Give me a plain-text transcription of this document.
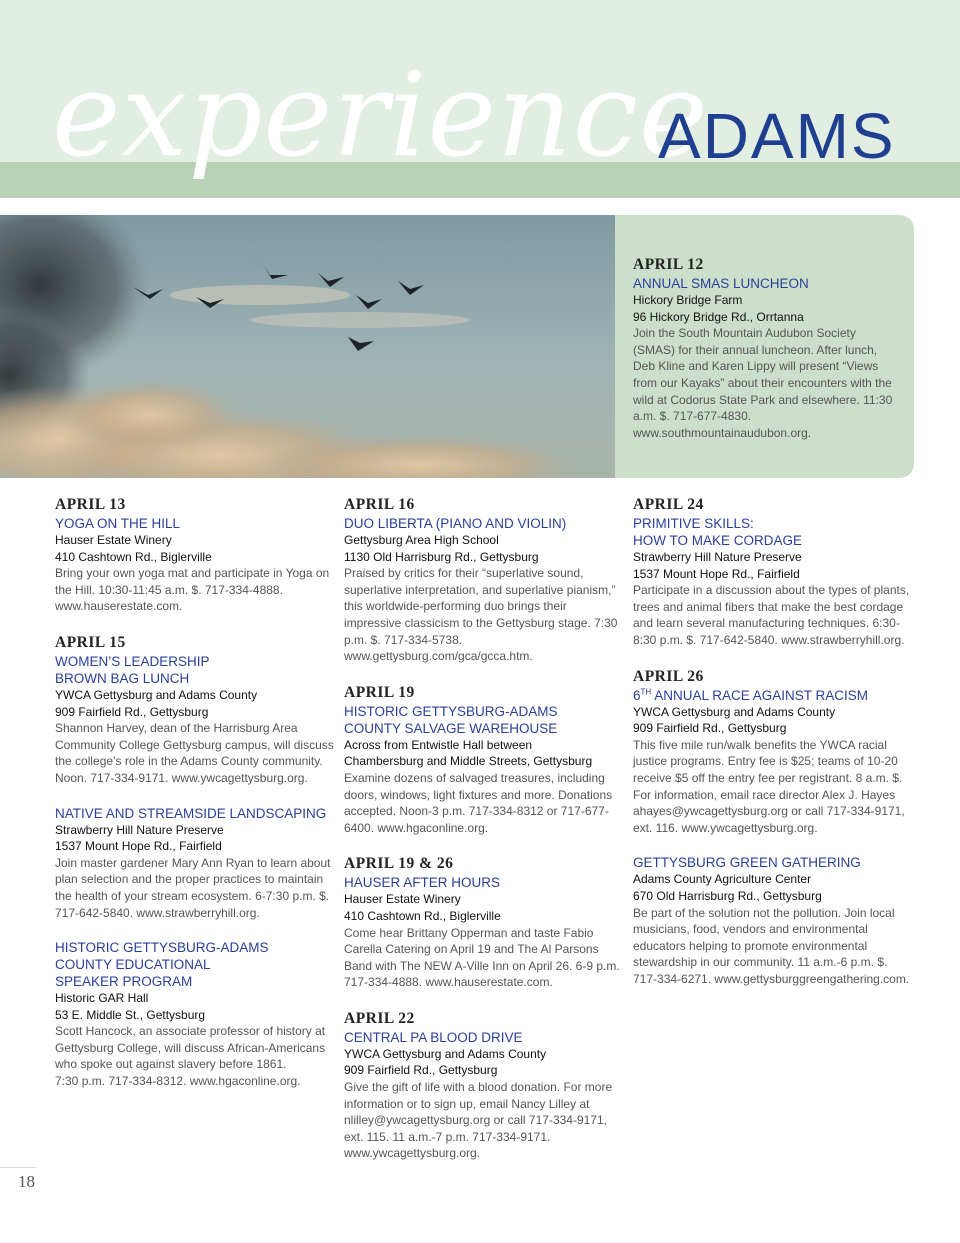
experience
ADAMS
APRIL 12
ANNUAL SMAS LUNCHEON
Hickory Bridge Farm
96 Hickory Bridge Rd., Orrtanna
Join the South Mountain Audubon Society (SMAS) for their annual luncheon. After lunch, Deb Kline and Karen Lippy will present “Views from our Kayaks” about their encounters with the wild at Codorus State Park and elsewhere. 11:30 a.m. $. 717-677-4830. www.southmountainaudubon.org.
APRIL 13
YOGA ON THE HILL
Hauser Estate Winery
410 Cashtown Rd., Biglerville
Bring your own yoga mat and participate in Yoga on the Hill. 10:30-11:45 a.m. $. 717-334-4888. www.hauserestate.com.
APRIL 15
WOMEN’S LEADERSHIP
BROWN BAG LUNCH
YWCA Gettysburg and Adams County
909 Fairfield Rd., Gettysburg
Shannon Harvey, dean of the Harrisburg Area Community College Gettysburg campus, will discuss the college’s role in the Adams County community. Noon. 717-334-9171. www.ywcagettysburg.org.
NATIVE AND STREAMSIDE LANDSCAPING
Strawberry Hill Nature Preserve
1537 Mount Hope Rd., Fairfield
Join master gardener Mary Ann Ryan to learn about plan selection and the proper practices to maintain the health of your stream ecosystem. 6-7:30 p.m. $. 717-642-5840. www.strawberryhill.org.
HISTORIC GETTYSBURG-ADAMS
COUNTY EDUCATIONAL
SPEAKER PROGRAM
Historic GAR Hall
53 E. Middle St., Gettysburg
Scott Hancock, an associate professor of history at Gettysburg College, will discuss African-Americans who spoke out against slavery before 1861.
7:30 p.m. 717-334-8312. www.hgaconline.org.
APRIL 16
DUO LIBERTA (PIANO AND VIOLIN)
Gettysburg Area High School
1130 Old Harrisburg Rd., Gettysburg
Praised by critics for their “superlative sound, superlative interpretation, and superlative pianism,” this worldwide-performing duo brings their impressive classicism to the Gettysburg stage. 7:30 p.m. $. 717-334-5738. www.gettysburg.com/gca/gcca.htm.
APRIL 19
HISTORIC GETTYSBURG-ADAMS
COUNTY SALVAGE WAREHOUSE
Across from Entwistle Hall between
Chambersburg and Middle Streets, Gettysburg
Examine dozens of salvaged treasures, including doors, windows, light fixtures and more. Donations accepted. Noon-3 p.m. 717-334-8312 or 717-677-6400. www.hgaconline.org.
APRIL 19 & 26
HAUSER AFTER HOURS
Hauser Estate Winery
410 Cashtown Rd., Biglerville
Come hear Brittany Opperman and taste Fabio Carella Catering on April 19 and The Al Parsons Band with The NEW A-Ville Inn on April 26. 6-9 p.m. 717-334-4888. www.hauserestate.com.
APRIL 22
CENTRAL PA BLOOD DRIVE
YWCA Gettysburg and Adams County
909 Fairfield Rd., Gettysburg
Give the gift of life with a blood donation. For more information or to sign up, email Nancy Lilley at nlilley@ywcagettysburg.org or call 717-334-9171, ext. 115. 11 a.m.-7 p.m. 717-334-9171. www.ywcagettysburg.org.
APRIL 24
PRIMITIVE SKILLS:
HOW TO MAKE CORDAGE
Strawberry Hill Nature Preserve
1537 Mount Hope Rd., Fairfield
Participate in a discussion about the types of plants, trees and animal fibers that make the best cordage and learn several manufacturing techniques. 6:30-8:30 p.m. $. 717-642-5840. www.strawberryhill.org.
APRIL 26
6TH ANNUAL RACE AGAINST RACISM
YWCA Gettysburg and Adams County
909 Fairfield Rd., Gettysburg
This five mile run/walk benefits the YWCA racial justice programs. Entry fee is $25; teams of 10-20 receive $5 off the entry fee per registrant. 8 a.m. $. For information, email race director Alex J. Hayes ahayes@ywcagettysburg.org or call 717-334-9171, ext. 116. www.ywcagettysburg.org.
GETTYSBURG GREEN GATHERING
Adams County Agriculture Center
670 Old Harrisburg Rd., Gettysburg
Be part of the solution not the pollution. Join local musicians, food, vendors and environmental educators helping to promote environmental stewardship in our community. 11 a.m.-6 p.m. $. 717-334-6271. www.gettysburggreengathering.com.
18
